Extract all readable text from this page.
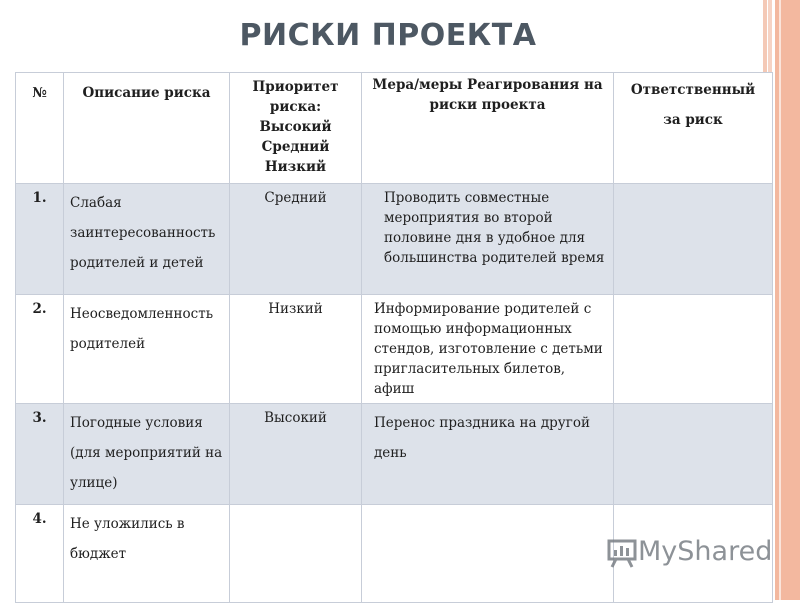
РИСКИ ПРОЕКТА
№	Описание риска	Приоритет риска: Высокий Средний Низкий	Мера/меры Реагирования на риски проекта	Ответственный за риск
1.	Слабая заинтересованность родителей и детей	Средний	Проводить совместные мероприятия во второй половине дня в удобное для большинства родителей время	
2.	Неосведомленность родителей	Низкий	Информирование родителей с помощью информационных стендов, изготовление с детьми пригласительных билетов, афиш	
3.	Погодные условия (для мероприятий на улице)	Высокий	Перенос праздника на другой день	
4.	Не уложились в бюджет				MyShared
